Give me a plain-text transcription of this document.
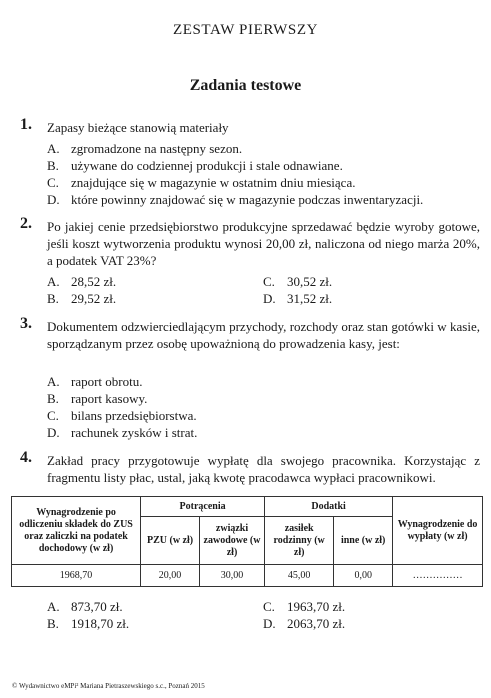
ZESTAW PIERWSZY
Zadania testowe
1. Zapasy bieżące stanowią materiały
A. zgromadzone na następny sezon.
B. używane do codziennej produkcji i stale odnawiane.
C. znajdujące się w magazynie w ostatnim dniu miesiąca.
D. które powinny znajdować się w magazynie podczas inwentaryzacji.
2. Po jakiej cenie przedsiębiorstwo produkcyjne sprzedawać będzie wyroby gotowe, jeśli koszt wytworzenia produktu wynosi 20,00 zł, naliczona od niego marża 20%, a podatek VAT 23%?
A. 28,52 zł.
B. 29,52 zł.
C. 30,52 zł.
D. 31,52 zł.
3. Dokumentem odzwierciedlającym przychody, rozchody oraz stan gotówki w kasie, sporządzanym przez osobę upoważnioną do prowadzenia kasy, jest:
A. raport obrotu.
B. raport kasowy.
C. bilans przedsiębiorstwa.
D. rachunek zysków i strat.
4. Zakład pracy przygotowuje wypłatę dla swojego pracownika. Korzystając z fragmentu listy płac, ustal, jaką kwotę pracodawca wypłaci pracownikowi.
Wynagrodzenie po odliczeniu składek do ZUS oraz zaliczki na podatek dochodowy (w zł)	Potrącenia		Dodatki		Wynagrodzenie do wypłaty (w zł)
	PZU (w zł)	związki zawodowe (w zł)	zasiłek rodzinny (w zł)	inne (w zł)	
1968,70	20,00	30,00	45,00	0,00	……………
A. 873,70 zł.
B. 1918,70 zł.
C. 1963,70 zł.
D. 2063,70 zł.
© Wydawnictwo eMPi² Mariana Pietraszewskiego s.c., Poznań 2015
